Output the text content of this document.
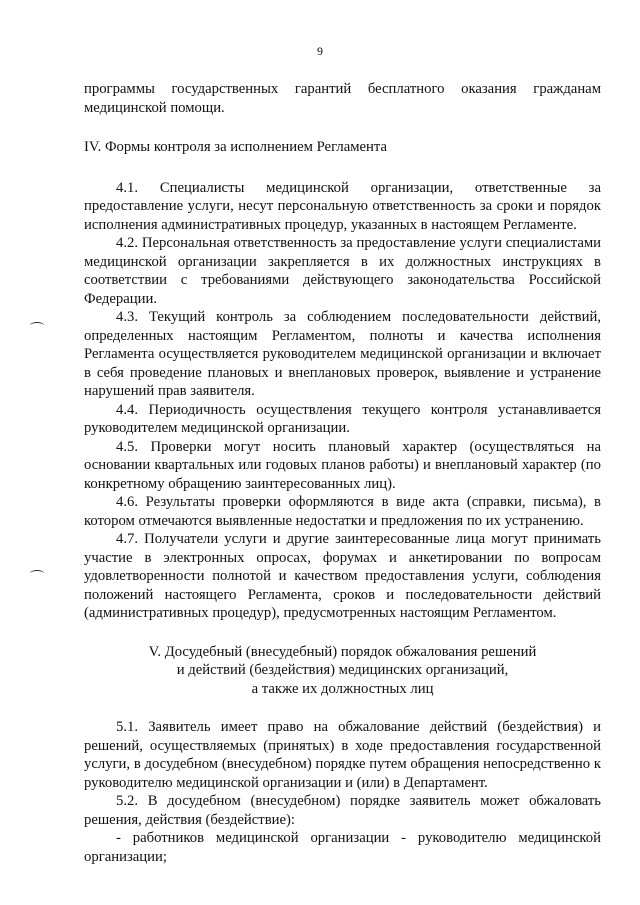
9

программы государственных гарантий бесплатного оказания гражданам медицинской помощи.

IV. Формы контроля за исполнением Регламента

4.1. Специалисты медицинской организации, ответственные за предоставление услуги, несут персональную ответственность за сроки и порядок исполнения административных процедур, указанных в настоящем Регламенте.

4.2. Персональная ответственность за предоставление услуги специалистами медицинской организации закрепляется в их должностных инструкциях в соответствии с требованиями действующего законодательства Российской Федерации.

4.3. Текущий контроль за соблюдением последовательности действий, определенных настоящим Регламентом, полноты и качества исполнения Регламента осуществляется руководителем медицинской организации и включает в себя проведение плановых и внеплановых проверок, выявление и устранение нарушений прав заявителя.

4.4. Периодичность осуществления текущего контроля устанавливается руководителем медицинской организации.

4.5. Проверки могут носить плановый характер (осуществляться на основании квартальных или годовых планов работы) и внеплановый характер (по конкретному обращению заинтересованных лиц).

4.6. Результаты проверки оформляются в виде акта (справки, письма), в котором отмечаются выявленные недостатки и предложения по их устранению.

4.7. Получатели услуги и другие заинтересованные лица могут принимать участие в электронных опросах, форумах и анкетировании по вопросам удовлетворенности полнотой и качеством предоставления услуги, соблюдения положений настоящего Регламента, сроков и последовательности действий (административных процедур), предусмотренных настоящим Регламентом.

V. Досудебный (внесудебный) порядок обжалования решений
и действий (бездействия) медицинских организаций,
а также их должностных лиц

5.1. Заявитель имеет право на обжалование действий (бездействия) и решений, осуществляемых (принятых) в ходе предоставления государственной услуги, в досудебном (внесудебном) порядке путем обращения непосредственно к руководителю медицинской организации и (или) в Департамент.

5.2. В досудебном (внесудебном) порядке заявитель может обжаловать решения, действия (бездействие):

- работников медицинской организации - руководителю медицинской организации;
